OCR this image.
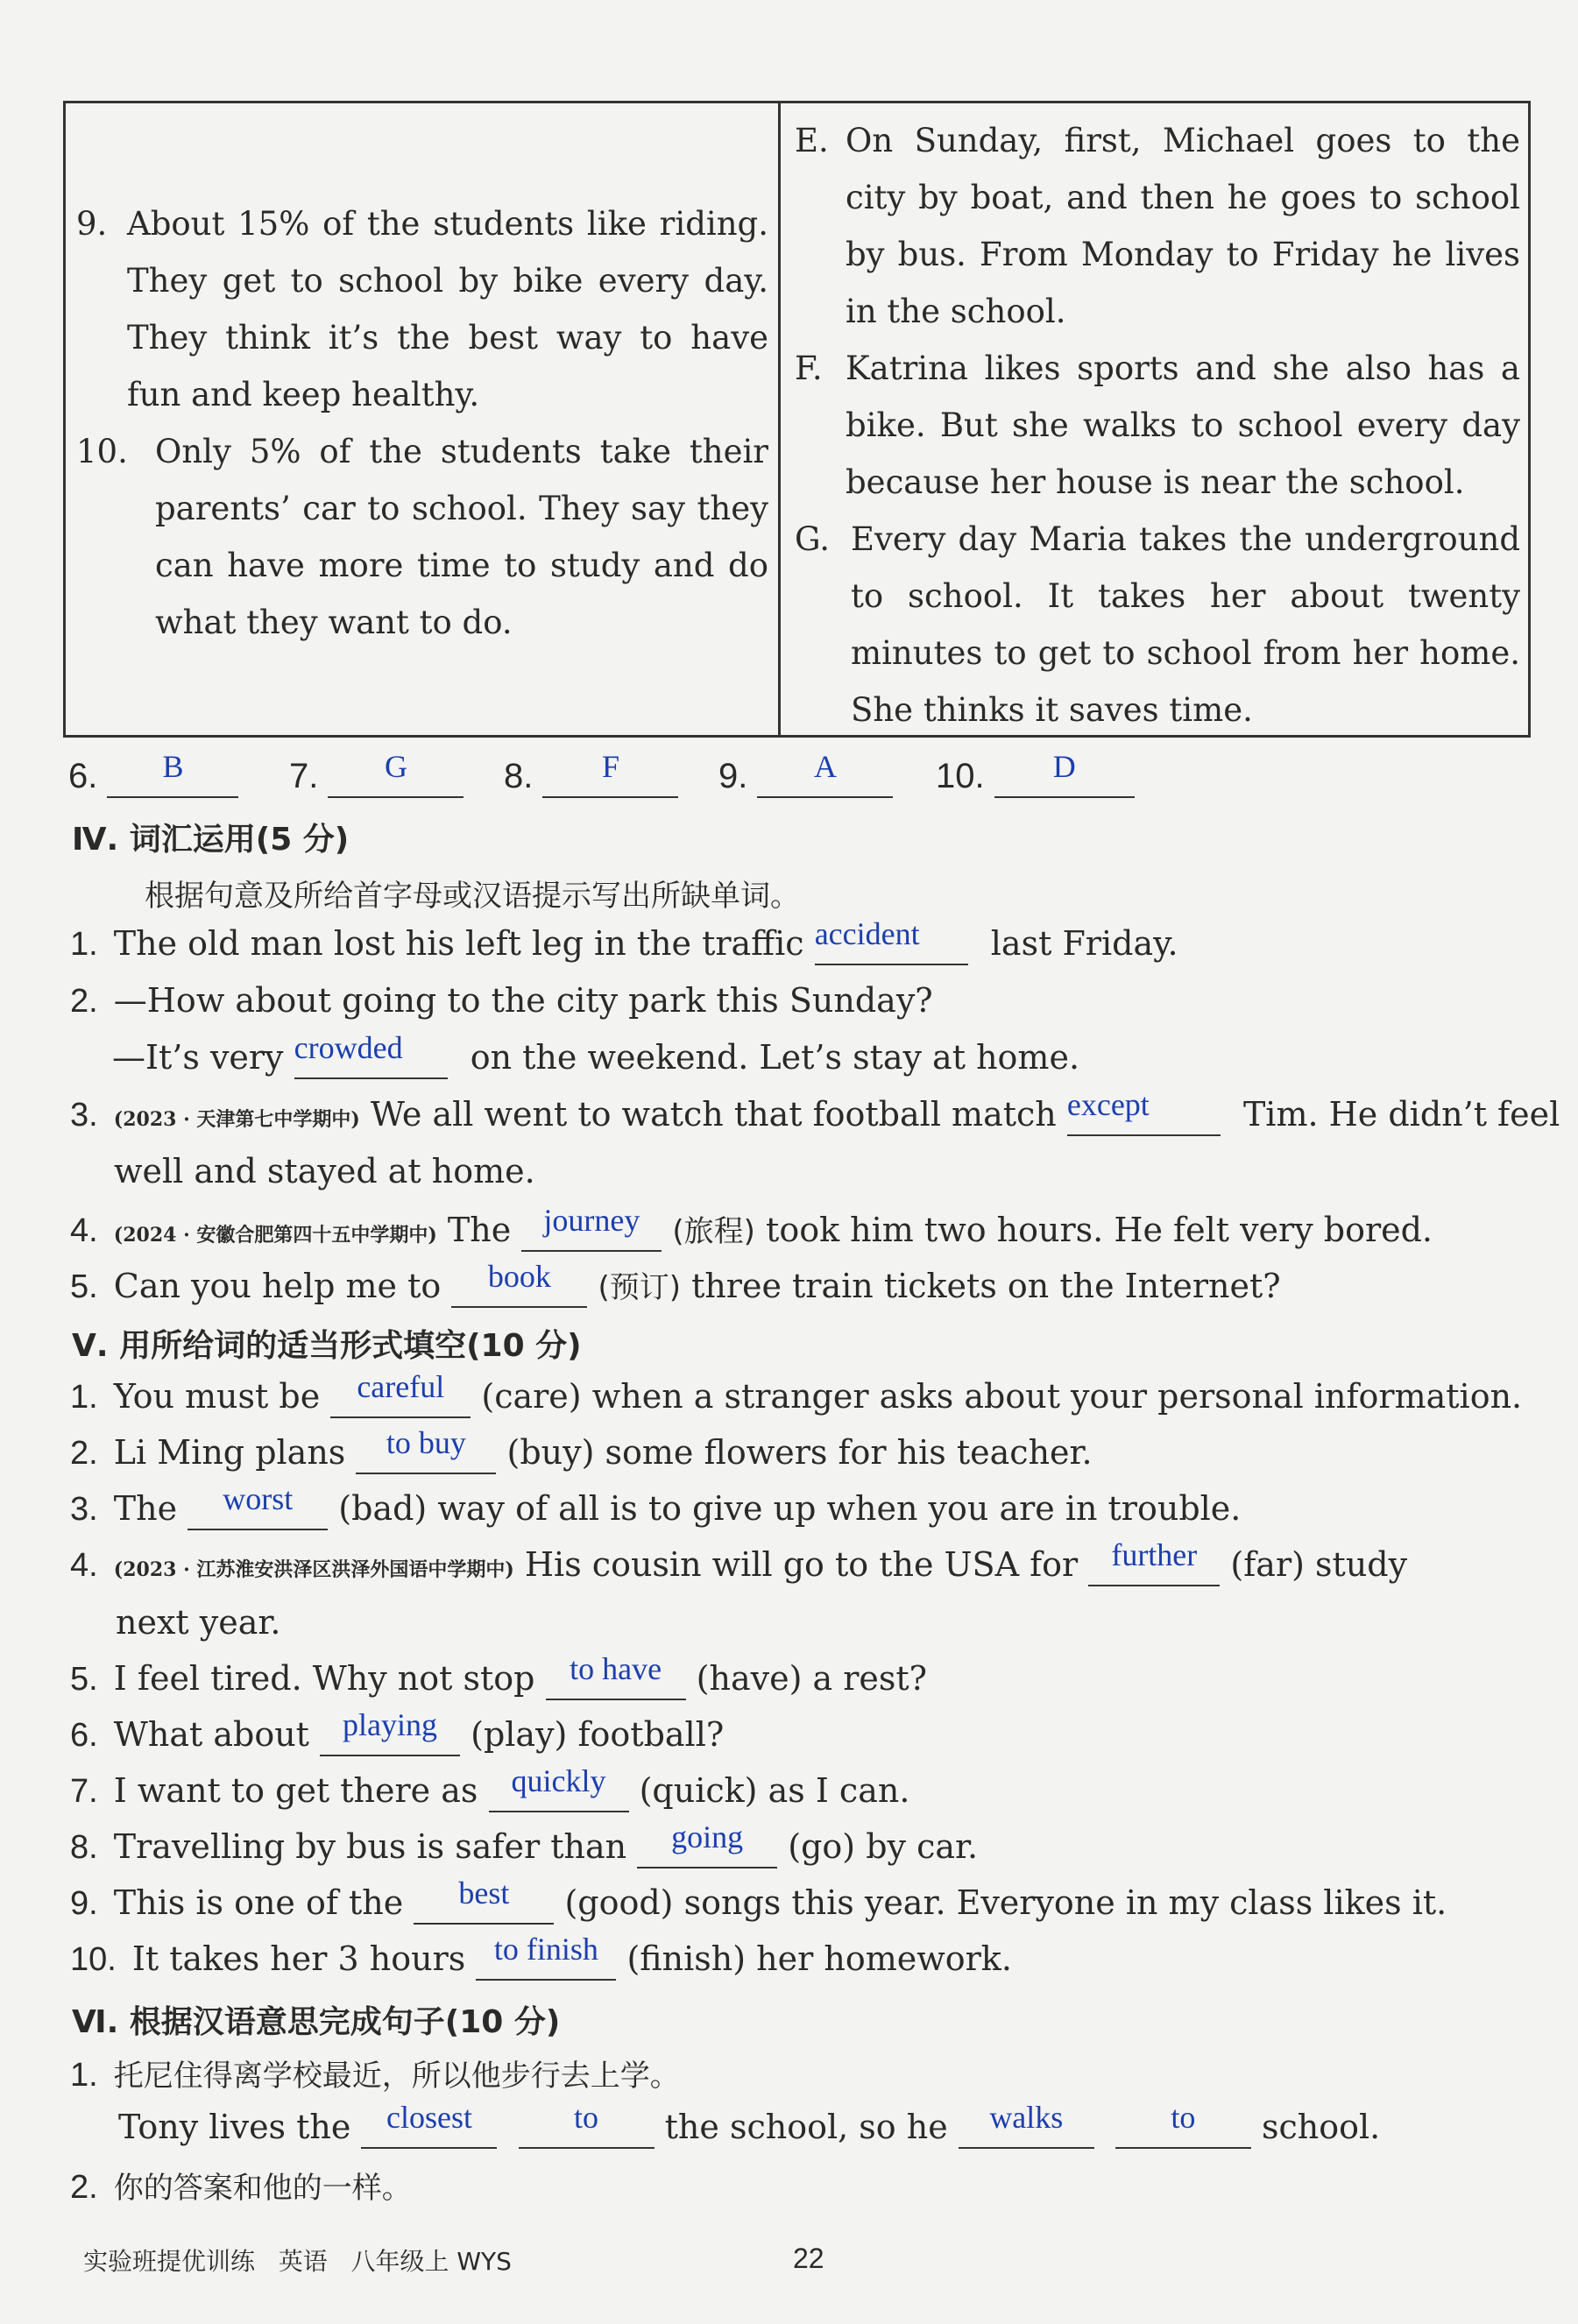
9. About 15% of the students like riding. They get to school by bike every day. They think it’s the best way to have fun and keep healthy.
10. Only 5% of the students take their parents’ car to school. They say they can have more time to study and do what they want to do.
E. On Sunday, first, Michael goes to the city by boat, and then he goes to school by bus. From Monday to Friday he lives in the school.
F. Katrina likes sports and she also has a bike. But she walks to school every day because her house is near the school.
G. Every day Maria takes the underground to school. It takes her about twenty minutes to get to school from her home. She thinks it saves time.
6. B	7. G	8. F	9. A	10. D
Ⅳ. 词汇运用(5 分)
根据句意及所给首字母或汉语提示写出所缺单词。
1. The old man lost his left leg in the traffic accident last Friday.
2. —How about going to the city park this Sunday?
—It’s very crowded on the weekend. Let’s stay at home.
3. (2023 · 天津第七中学期中) We all went to watch that football match except	Tim. He didn’t feel
well and stayed at home.
4. (2024 · 安徽合肥第四十五中学期中) The journey (旅程) took him two hours. He felt very bored.
5. Can you help me to book (预订) three train tickets on the Internet?
Ⅴ. 用所给词的适当形式填空(10 分)
1. You must be careful (care) when a stranger asks about your personal information.
2. Li Ming plans to buy (buy) some flowers for his teacher.
3. The worst (bad) way of all is to give up when you are in trouble.
4. (2023 · 江苏淮安洪泽区洪泽外国语中学期中) His cousin will go to the USA for further (far) study
next year.
5. I feel tired. Why not stop to have (have) a rest?
6. What about playing (play) football?
7. I want to get there as quickly (quick) as I can.
8. Travelling by bus is safer than going (go) by car.
9. This is one of the best (good) songs this year. Everyone in my class likes it.
10. It takes her 3 hours to finish (finish) her homework.
Ⅵ. 根据汉语意思完成句子(10 分)
1. 托尼住得离学校最近，所以他步行去上学。
Tony lives the closest	to the school, so he walks	to school.
2. 你的答案和他的一样。
实验班提优训练 英语 八年级上 WYS	22
